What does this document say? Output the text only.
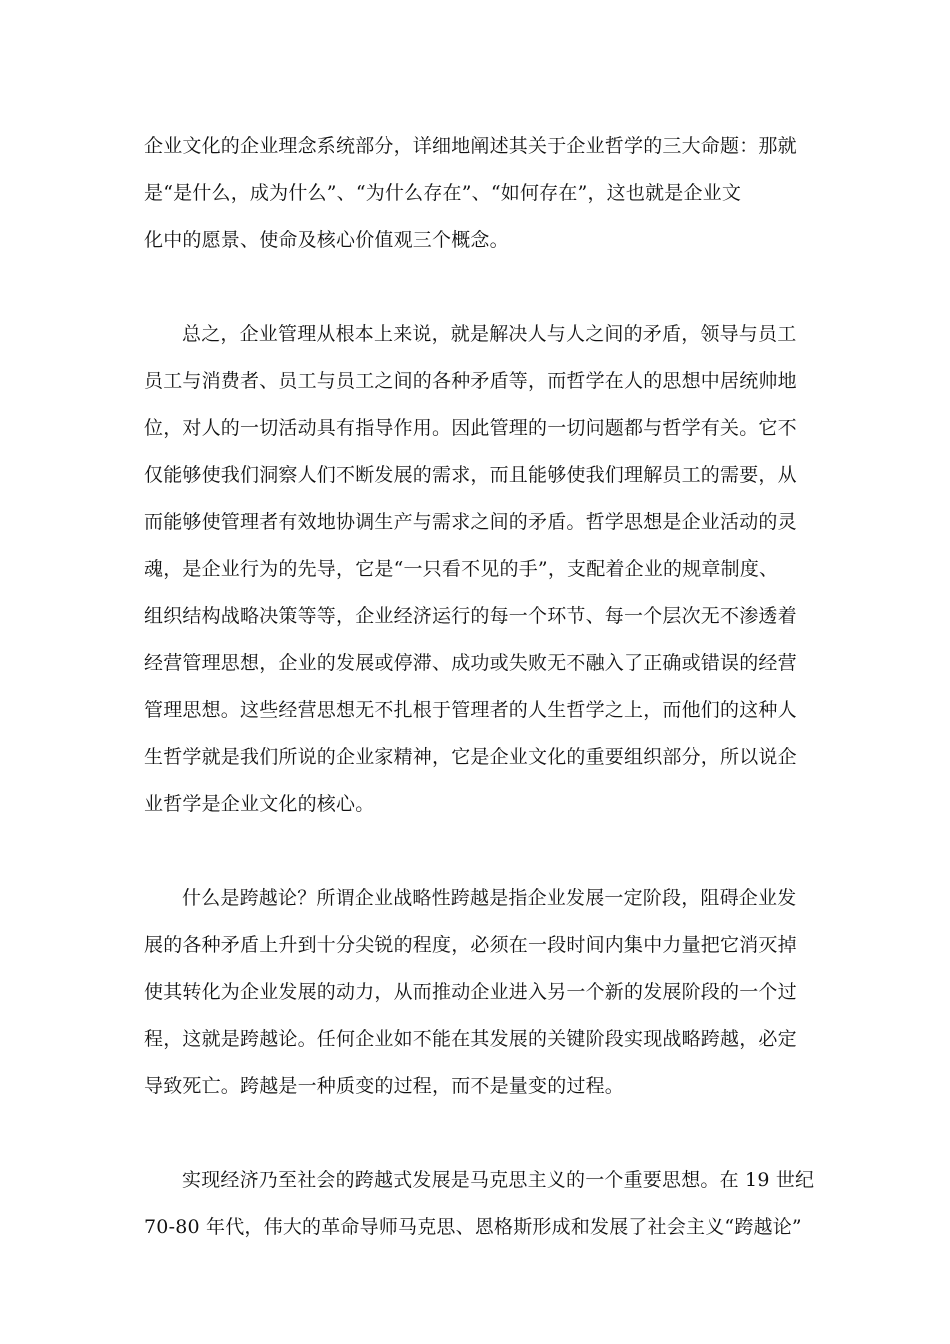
企业文化的企业理念系统部分，详细地阐述其关于企业哲学的三大命题：那就
是“是什么，成为什么”、“为什么存在”、“如何存在”，这也就是企业文
化中的愿景、使命及核心价值观三个概念。
总之，企业管理从根本上来说，就是解决人与人之间的矛盾，领导与员工
员工与消费者、员工与员工之间的各种矛盾等，而哲学在人的思想中居统帅地
位，对人的一切活动具有指导作用。因此管理的一切问题都与哲学有关。它不
仅能够使我们洞察人们不断发展的需求，而且能够使我们理解员工的需要，从
而能够使管理者有效地协调生产与需求之间的矛盾。哲学思想是企业活动的灵
魂，是企业行为的先导，它是“一只看不见的手”，支配着企业的规章制度、
组织结构战略决策等等，企业经济运行的每一个环节、每一个层次无不渗透着
经营管理思想，企业的发展或停滞、成功或失败无不融入了正确或错误的经营
管理思想。这些经营思想无不扎根于管理者的人生哲学之上，而他们的这种人
生哲学就是我们所说的企业家精神，它是企业文化的重要组织部分，所以说企
业哲学是企业文化的核心。
什么是跨越论？所谓企业战略性跨越是指企业发展一定阶段，阻碍企业发
展的各种矛盾上升到十分尖锐的程度，必须在一段时间内集中力量把它消灭掉
使其转化为企业发展的动力，从而推动企业进入另一个新的发展阶段的一个过
程，这就是跨越论。任何企业如不能在其发展的关键阶段实现战略跨越，必定
导致死亡。跨越是一种质变的过程，而不是量变的过程。
实现经济乃至社会的跨越式发展是马克思主义的一个重要思想。在 19 世纪
70-80 年代，伟大的革命导师马克思、恩格斯形成和发展了社会主义“跨越论”
